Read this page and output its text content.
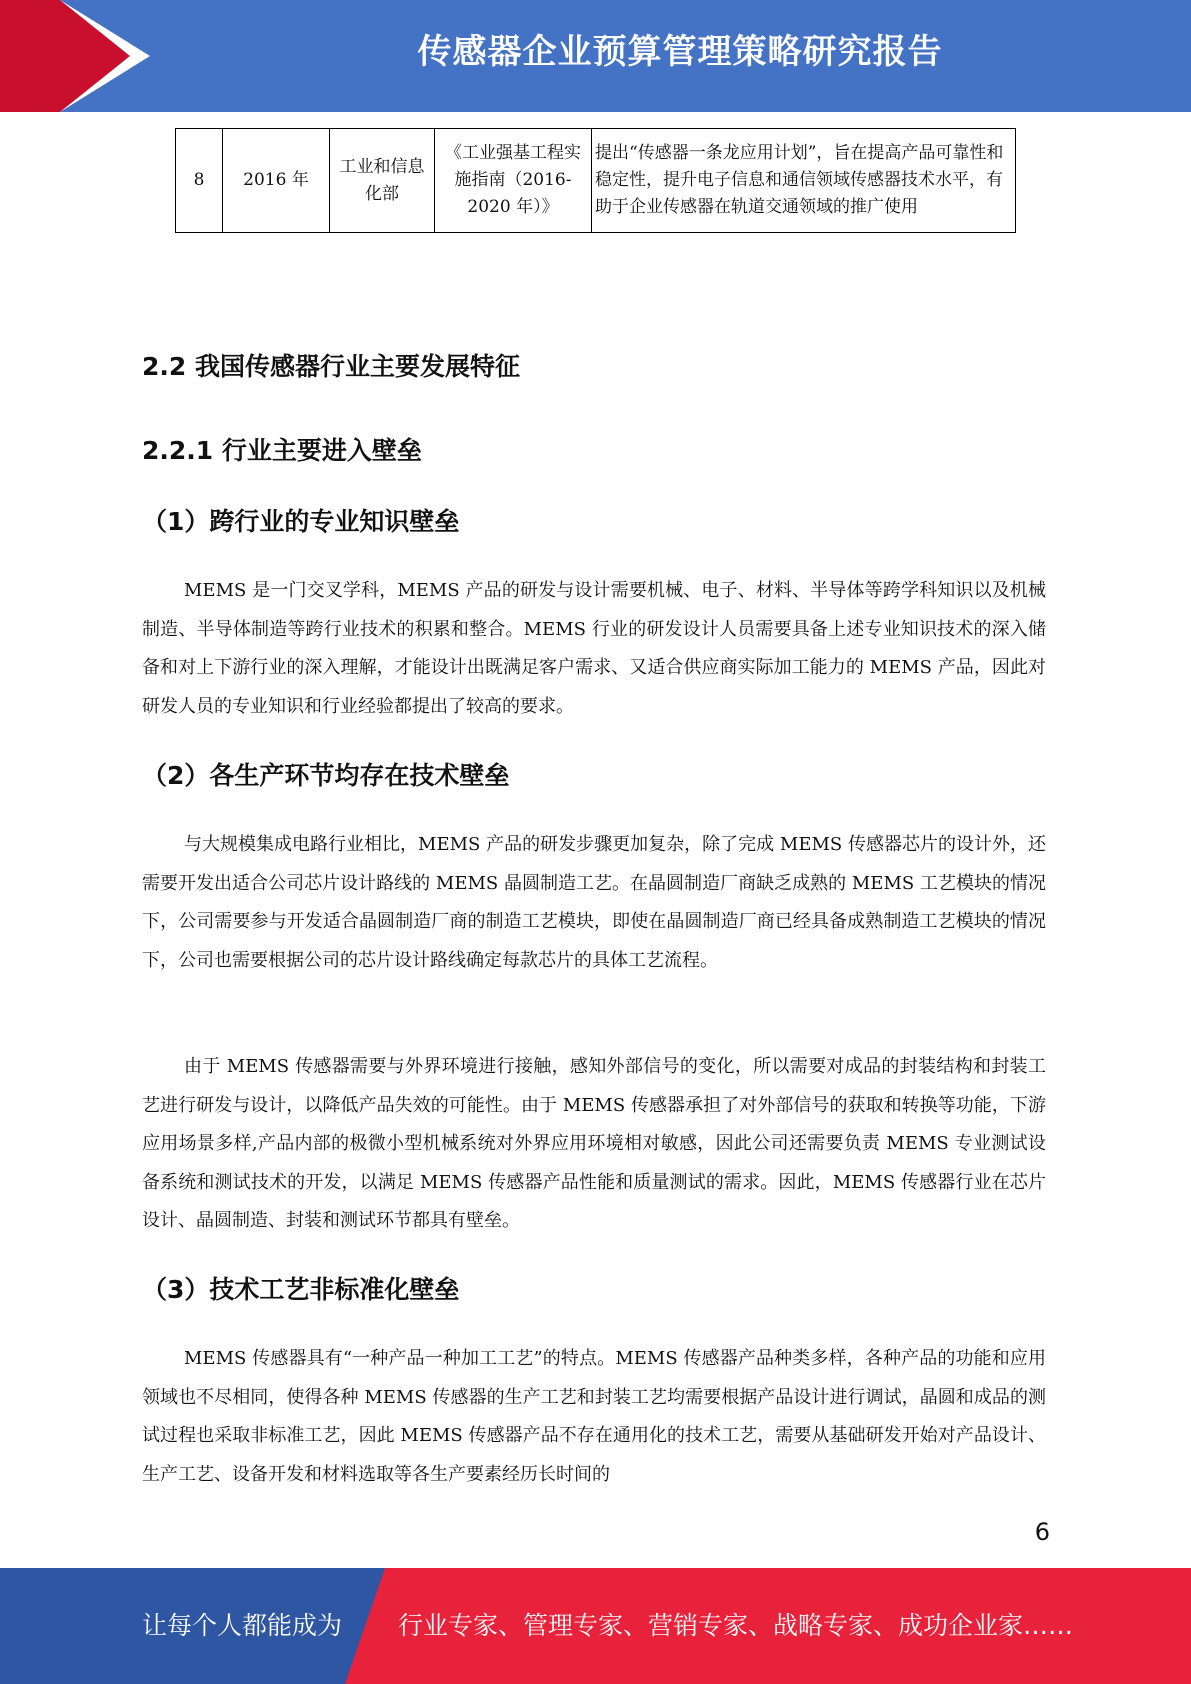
传感器企业预算管理策略研究报告
8	2016 年	工业和信息化部	《工业强基工程实施指南（2016-2020 年）》	提出“传感器一条龙应用计划”，旨在提高产品可靠性和稳定性，提升电子信息和通信领域传感器技术水平，有助于企业传感器在轨道交通领域的推广使用
2.2 我国传感器行业主要发展特征
2.2.1 行业主要进入壁垒
（1）跨行业的专业知识壁垒
MEMS 是一门交叉学科，MEMS 产品的研发与设计需要机械、电子、材料、半导体等跨学科知识以及机械制造、半导体制造等跨行业技术的积累和整合。MEMS 行业的研发设计人员需要具备上述专业知识技术的深入储备和对上下游行业的深入理解，才能设计出既满足客户需求、又适合供应商实际加工能力的 MEMS 产品，因此对研发人员的专业知识和行业经验都提出了较高的要求。
（2）各生产环节均存在技术壁垒
与大规模集成电路行业相比，MEMS 产品的研发步骤更加复杂，除了完成 MEMS 传感器芯片的设计外，还需要开发出适合公司芯片设计路线的 MEMS 晶圆制造工艺。在晶圆制造厂商缺乏成熟的 MEMS 工艺模块的情况下，公司需要参与开发适合晶圆制造厂商的制造工艺模块，即使在晶圆制造厂商已经具备成熟制造工艺模块的情况下，公司也需要根据公司的芯片设计路线确定每款芯片的具体工艺流程。
由于 MEMS 传感器需要与外界环境进行接触，感知外部信号的变化，所以需要对成品的封装结构和封装工艺进行研发与设计，以降低产品失效的可能性。由于 MEMS 传感器承担了对外部信号的获取和转换等功能，下游应用场景多样,产品内部的极微小型机械系统对外界应用环境相对敏感，因此公司还需要负责 MEMS 专业测试设备系统和测试技术的开发，以满足 MEMS 传感器产品性能和质量测试的需求。因此，MEMS 传感器行业在芯片设计、晶圆制造、封装和测试环节都具有壁垒。
（3）技术工艺非标准化壁垒
MEMS 传感器具有“一种产品一种加工工艺”的特点。MEMS 传感器产品种类多样，各种产品的功能和应用领域也不尽相同，使得各种 MEMS 传感器的生产工艺和封装工艺均需要根据产品设计进行调试，晶圆和成品的测试过程也采取非标准工艺，因此 MEMS 传感器产品不存在通用化的技术工艺，需要从基础研发开始对产品设计、生产工艺、设备开发和材料选取等各生产要素经历长时间的
6
让每个人都能成为 行业专家、管理专家、营销专家、战略专家、成功企业家……
